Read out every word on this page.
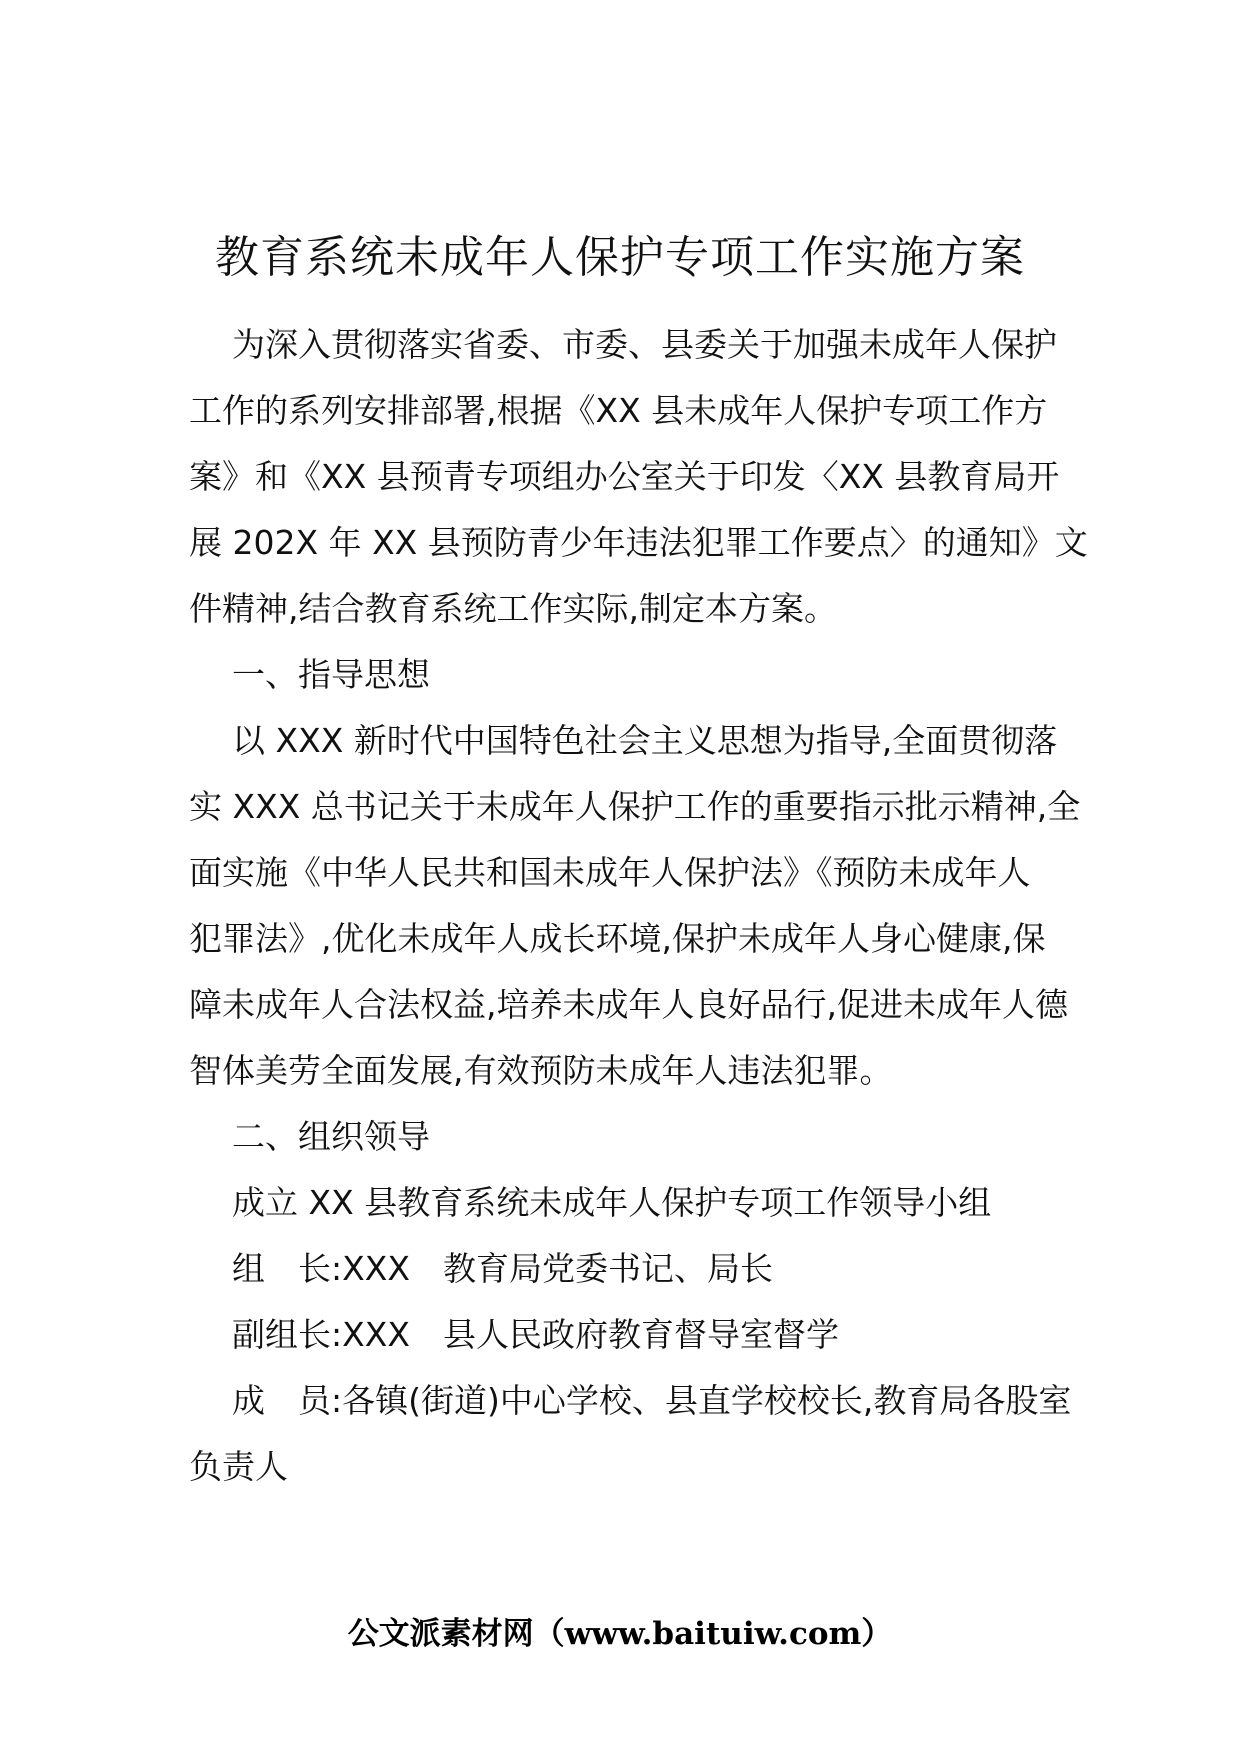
教育系统未成年人保护专项工作实施方案

为深入贯彻落实省委、市委、县委关于加强未成年人保护

工作的系列安排部署,根据《XX 县未成年人保护专项工作方

案》和《XX 县预青专项组办公室关于印发〈XX 县教育局开

展 202X 年 XX 县预防青少年违法犯罪工作要点〉的通知》文

件精神,结合教育系统工作实际,制定本方案。

一、指导思想

以 XXX 新时代中国特色社会主义思想为指导,全面贯彻落

实 XXX 总书记关于未成年人保护工作的重要指示批示精神,全

面实施《中华人民共和国未成年人保护法》《预防未成年人

犯罪法》,优化未成年人成长环境,保护未成年人身心健康,保

障未成年人合法权益,培养未成年人良好品行,促进未成年人德

智体美劳全面发展,有效预防未成年人违法犯罪。

二、组织领导

成立 XX 县教育系统未成年人保护专项工作领导小组

组　长:XXX　教育局党委书记、局长

副组长:XXX　县人民政府教育督导室督学

成　员:各镇(街道)中心学校、县直学校校长,教育局各股室

负责人

公文派素材网（www.baituiw.com）
